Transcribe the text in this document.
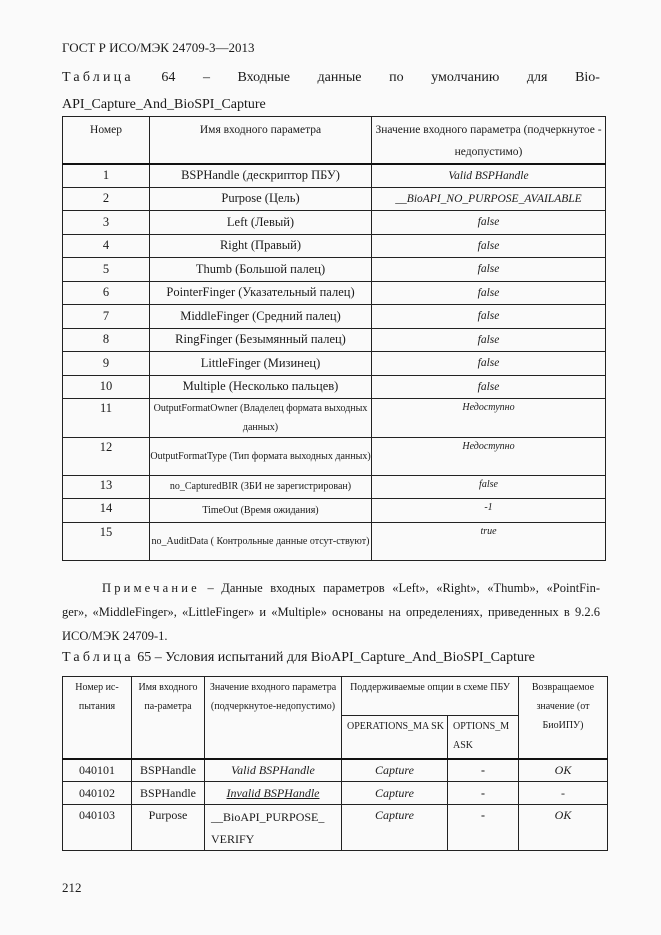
ГОСТ Р ИСО/МЭК 24709-3—2013
Таблица 64 – Входные данные по умолчанию для Bio-
API_Capture_And_BioSPI_Capture
Номер	Имя входного параметра	Значение входного параметра (подчеркнутое - недопустимо)
1	BSPHandle (дескриптор ПБУ)	Valid BSPHandle
2	Purpose (Цель)	__BioAPI_NO_PURPOSE_AVAILABLE
3	Left (Левый)	false
4	Right (Правый)	false
5	Thumb (Большой палец)	false
6	PointerFinger (Указательный палец)	false
7	MiddleFinger (Средний палец)	false
8	RingFinger (Безымянный палец)	false
9	LittleFinger (Мизинец)	false
10	Multiple (Несколько пальцев)	false
11	OutputFormatOwner (Владелец формата выходных данных)	Недоступно
12	OutputFormatType (Тип формата выходных данных)	Недоступно
13	no_CapturedBIR (ЗБИ не зарегистрирован)	false
14	TimeOut (Время ожидания)	-1
15	no_AuditData ( Контрольные данные отсут-ствуют)	true
Примечание – Данные входных параметров «Left», «Right», «Thumb», «PointFin-
ger», «MiddleFinger», «LittleFinger» и «Multiple» основаны на определениях, приведенных в 9.2.6 ИСО/МЭК 24709-1.
Таблица 65 – Условия испытаний для BioAPI_Capture_And_BioSPI_Capture
Номер ис-пытания	Имя входного па-раметра	Значение входного параметра (подчеркнутое-недопустимо)	Поддерживаемые опции в схеме ПБУ		Возвращаемое значение (от БиоИПУ)
			OPERATIONS_MA SK	OPTIONS_M ASK	
040101	BSPHandle	Valid BSPHandle	Capture	-	OK
040102	BSPHandle	Invalid BSPHandle	Capture	-	-
040103	Purpose	__BioAPI_PURPOSE_ VERIFY	Capture	-	OK
212
